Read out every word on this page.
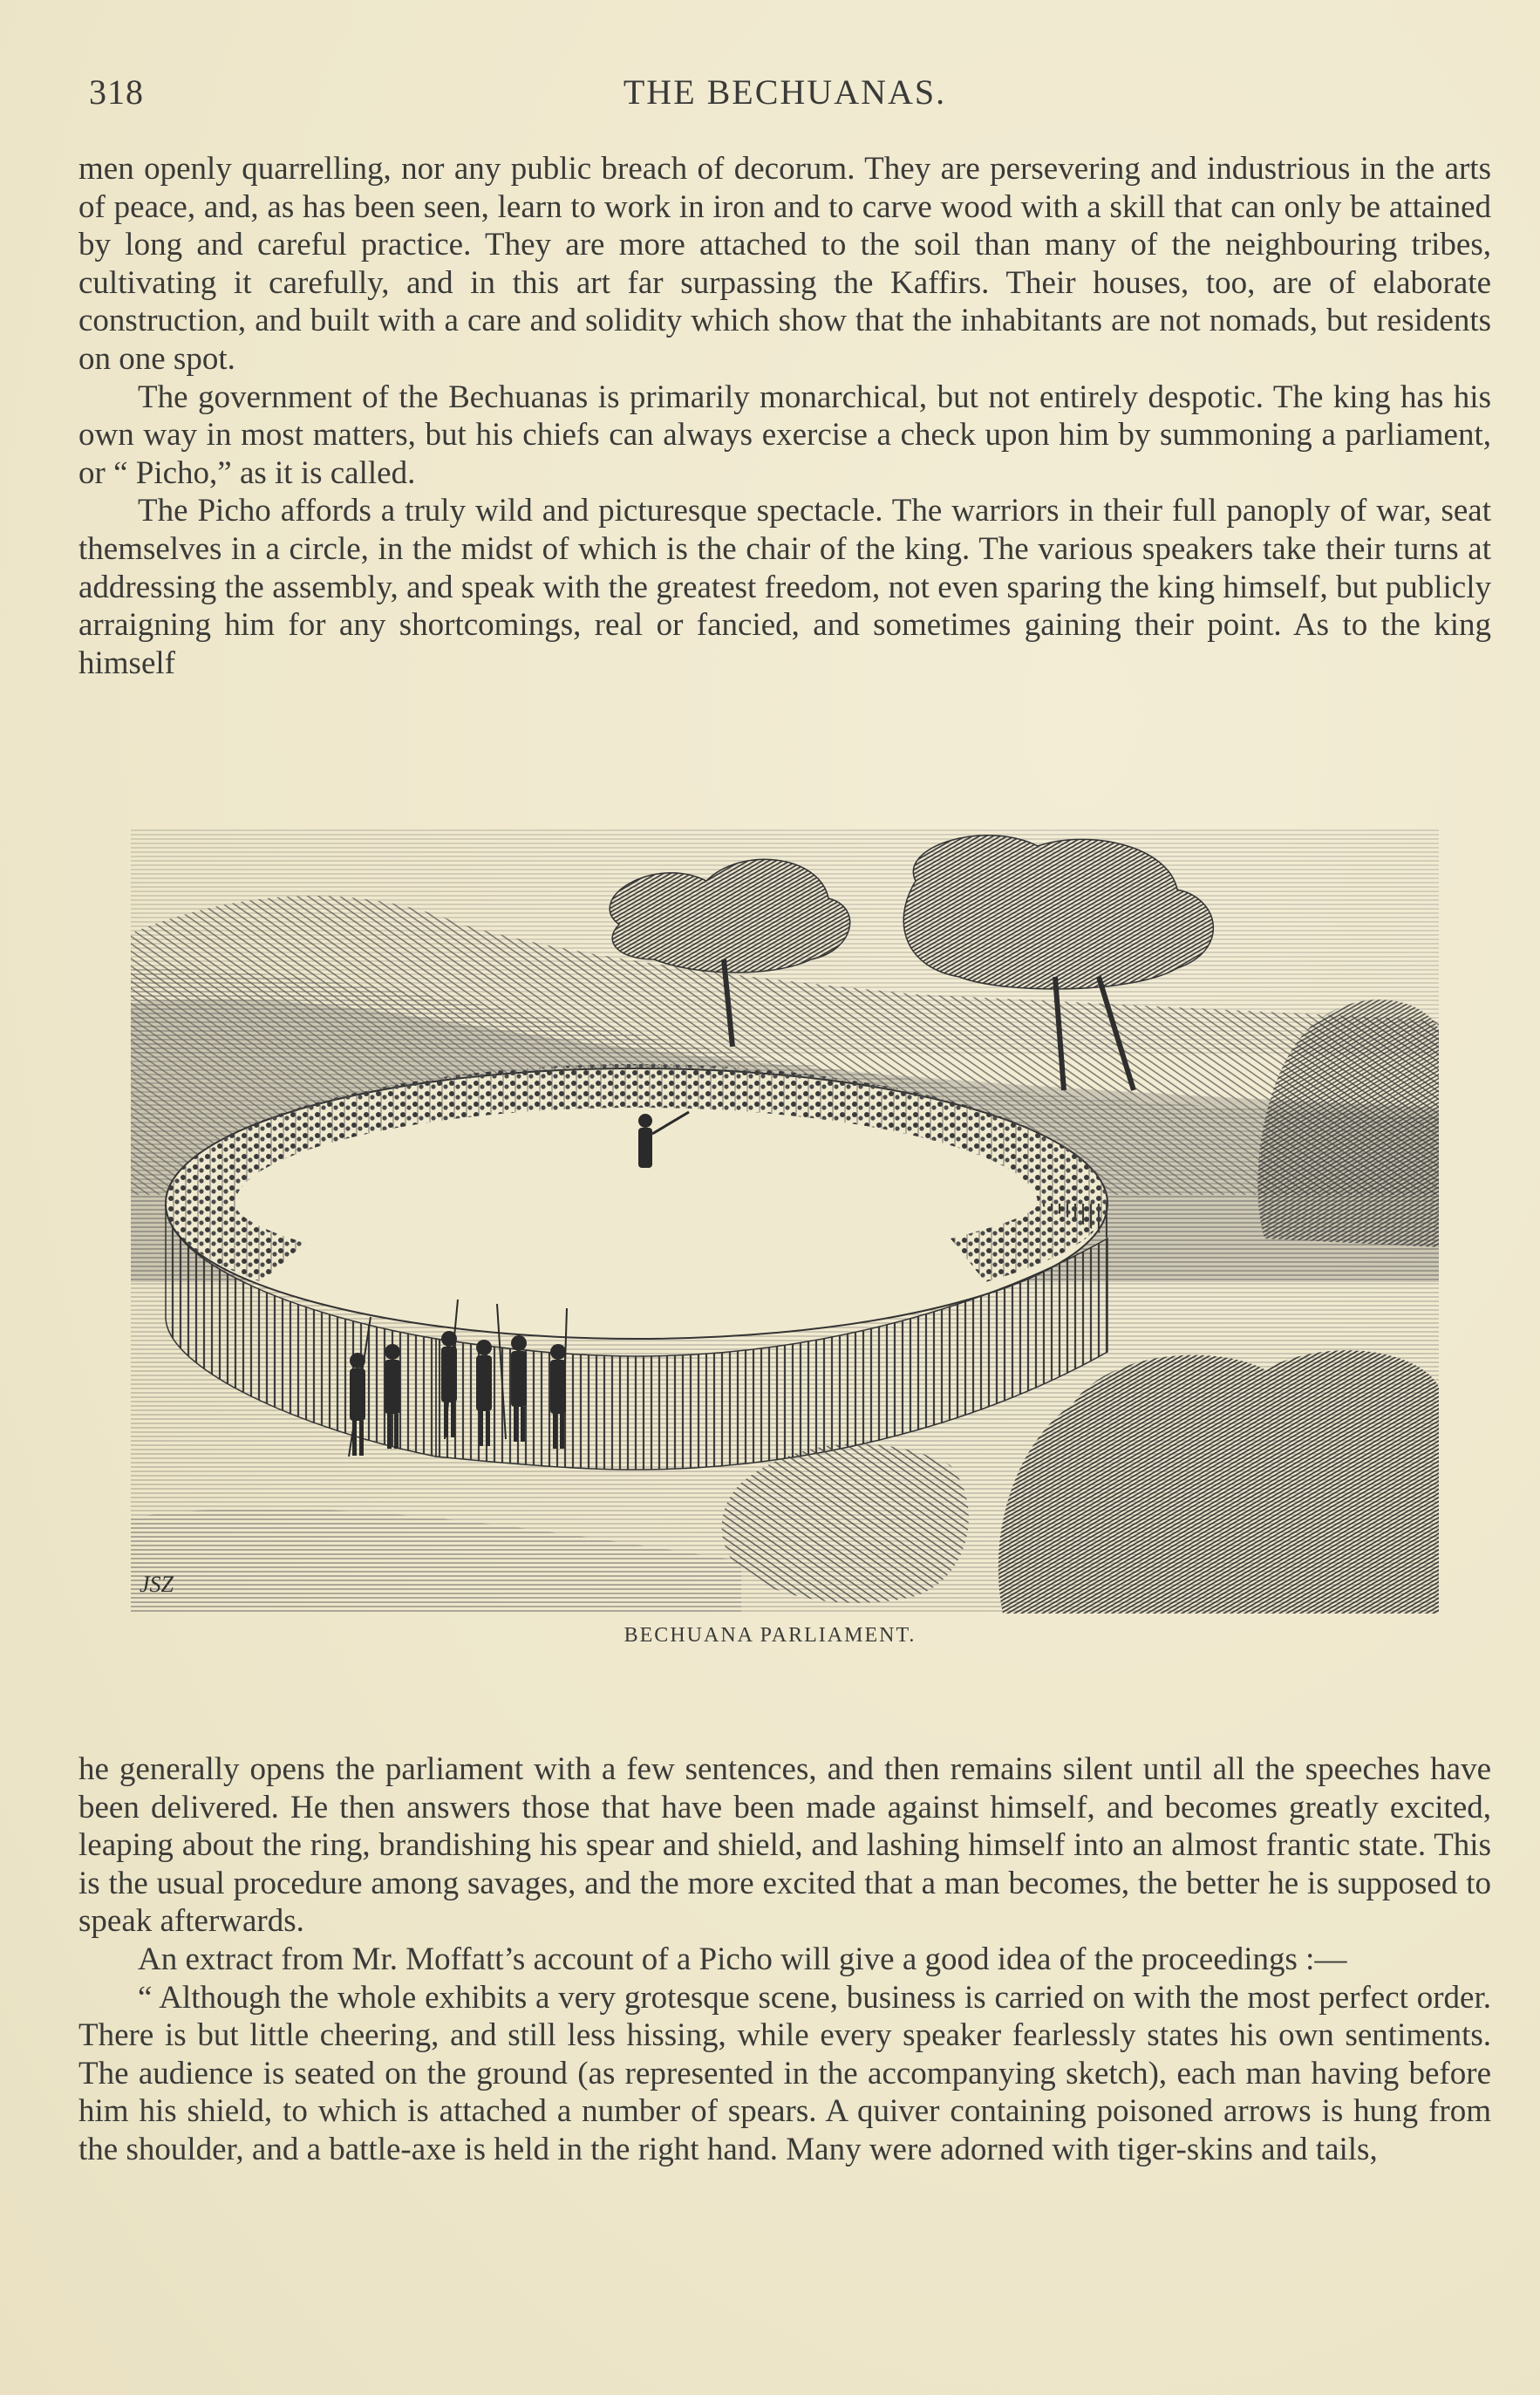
318	THE BECHUANAS.

men openly quarrelling, nor any public breach of decorum. They are persevering and industrious in the arts of peace, and, as has been seen, learn to work in iron and to carve wood with a skill that can only be attained by long and careful practice. They are more attached to the soil than many of the neighbouring tribes, cultivating it carefully, and in this art far surpassing the Kaffirs. Their houses, too, are of elaborate construction, and built with a care and solidity which show that the inhabitants are not nomads, but residents on one spot.

The government of the Bechuanas is primarily monarchical, but not entirely despotic. The king has his own way in most matters, but his chiefs can always exercise a check upon him by summoning a parliament, or “ Picho,” as it is called.

The Picho affords a truly wild and picturesque spectacle. The warriors in their full panoply of war, seat themselves in a circle, in the midst of which is the chair of the king. The various speakers take their turns at addressing the assembly, and speak with the greatest freedom, not even sparing the king himself, but publicly arraigning him for any shortcomings, real or fancied, and sometimes gaining their point. As to the king himself

JSZ
BECHUANA PARLIAMENT.

he generally opens the parliament with a few sentences, and then remains silent until all the speeches have been delivered. He then answers those that have been made against himself, and becomes greatly excited, leaping about the ring, brandishing his spear and shield, and lashing himself into an almost frantic state. This is the usual procedure among savages, and the more excited that a man becomes, the better he is supposed to speak afterwards.

An extract from Mr. Moffatt’s account of a Picho will give a good idea of the proceedings :—

“ Although the whole exhibits a very grotesque scene, business is carried on with the most perfect order. There is but little cheering, and still less hissing, while every speaker fearlessly states his own sentiments. The audience is seated on the ground (as represented in the accompanying sketch), each man having before him his shield, to which is attached a number of spears. A quiver containing poisoned arrows is hung from the shoulder, and a battle-axe is held in the right hand. Many were adorned with tiger-skins and tails,
